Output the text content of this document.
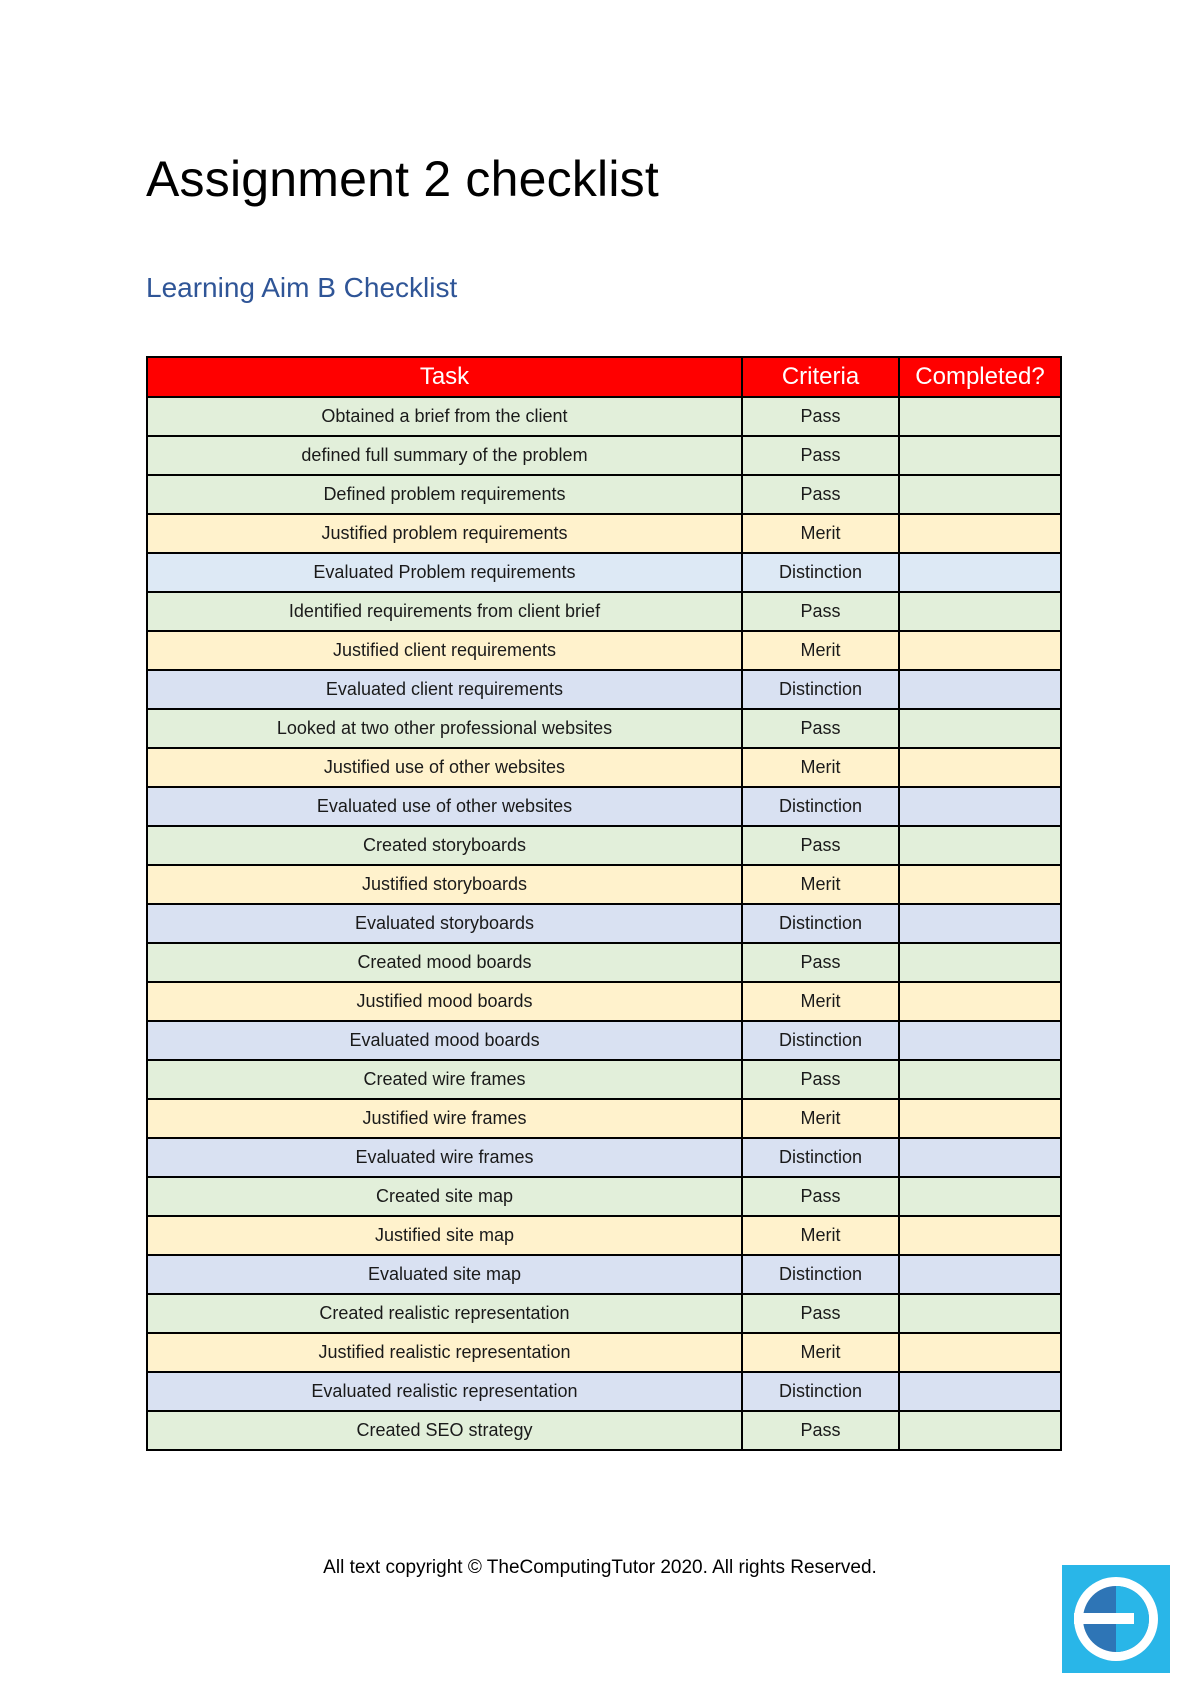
Assignment 2 checklist
Learning Aim B Checklist
Task	Criteria	Completed?
Obtained a brief from the client	Pass	
defined full summary of the problem	Pass	
Defined problem requirements	Pass	
Justified problem requirements	Merit	
Evaluated Problem requirements	Distinction	
Identified requirements from client brief	Pass	
Justified client requirements	Merit	
Evaluated client requirements	Distinction	
Looked at two other professional websites	Pass	
Justified use of other websites	Merit	
Evaluated use of other websites	Distinction	
Created storyboards	Pass	
Justified storyboards	Merit	
Evaluated storyboards	Distinction	
Created mood boards	Pass	
Justified mood boards	Merit	
Evaluated mood boards	Distinction	
Created wire frames	Pass	
Justified wire frames	Merit	
Evaluated wire frames	Distinction	
Created site map	Pass	
Justified site map	Merit	
Evaluated site map	Distinction	
Created realistic representation	Pass	
Justified realistic representation	Merit	
Evaluated realistic representation	Distinction	
Created SEO strategy	Pass	

All text copyright © TheComputingTutor 2020. All rights Reserved.
